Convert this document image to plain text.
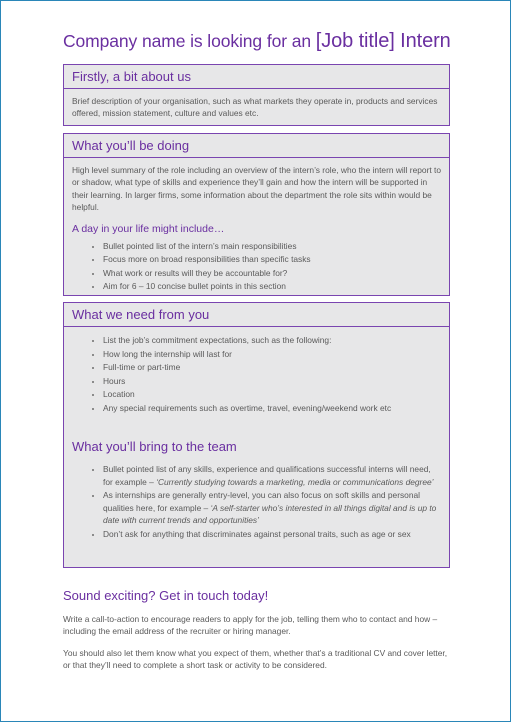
Company name is looking for an [Job title] Intern
Firstly, a bit about us

Brief description of your organisation, such as what markets they operate in, products and services offered, mission statement, culture and values etc.

What you’ll be doing

High level summary of the role including an overview of the intern’s role, who the intern will report to or shadow, what type of skills and experience they’ll gain and how the intern will be supported in their learning. In larger firms, some information about the department the role sits within would be helpful.

A day in your life might include…
• Bullet pointed list of the intern’s main responsibilities
• Focus more on broad responsibilities than specific tasks
• What work or results will they be accountable for?
• Aim for 6 – 10 concise bullet points in this section
What we need from you
• List the job’s commitment expectations, such as the following:
• How long the internship will last for
• Full-time or part-time
• Hours
• Location
• Any special requirements such as overtime, travel, evening/weekend work etc
What you’ll bring to the team
• Bullet pointed list of any skills, experience and qualifications successful interns will need, for example – ‘Currently studying towards a marketing, media or communications degree’
• As internships are generally entry-level, you can also focus on soft skills and personal qualities here, for example – ‘A self-starter who’s interested in all things digital and is up to date with current trends and opportunities’
• Don’t ask for anything that discriminates against personal traits, such as age or sex
Sound exciting? Get in touch today!

Write a call-to-action to encourage readers to apply for the job, telling them who to contact and how – including the email address of the recruiter or hiring manager.

You should also let them know what you expect of them, whether that’s a traditional CV and cover letter, or that they’ll need to complete a short task or activity to be considered.
